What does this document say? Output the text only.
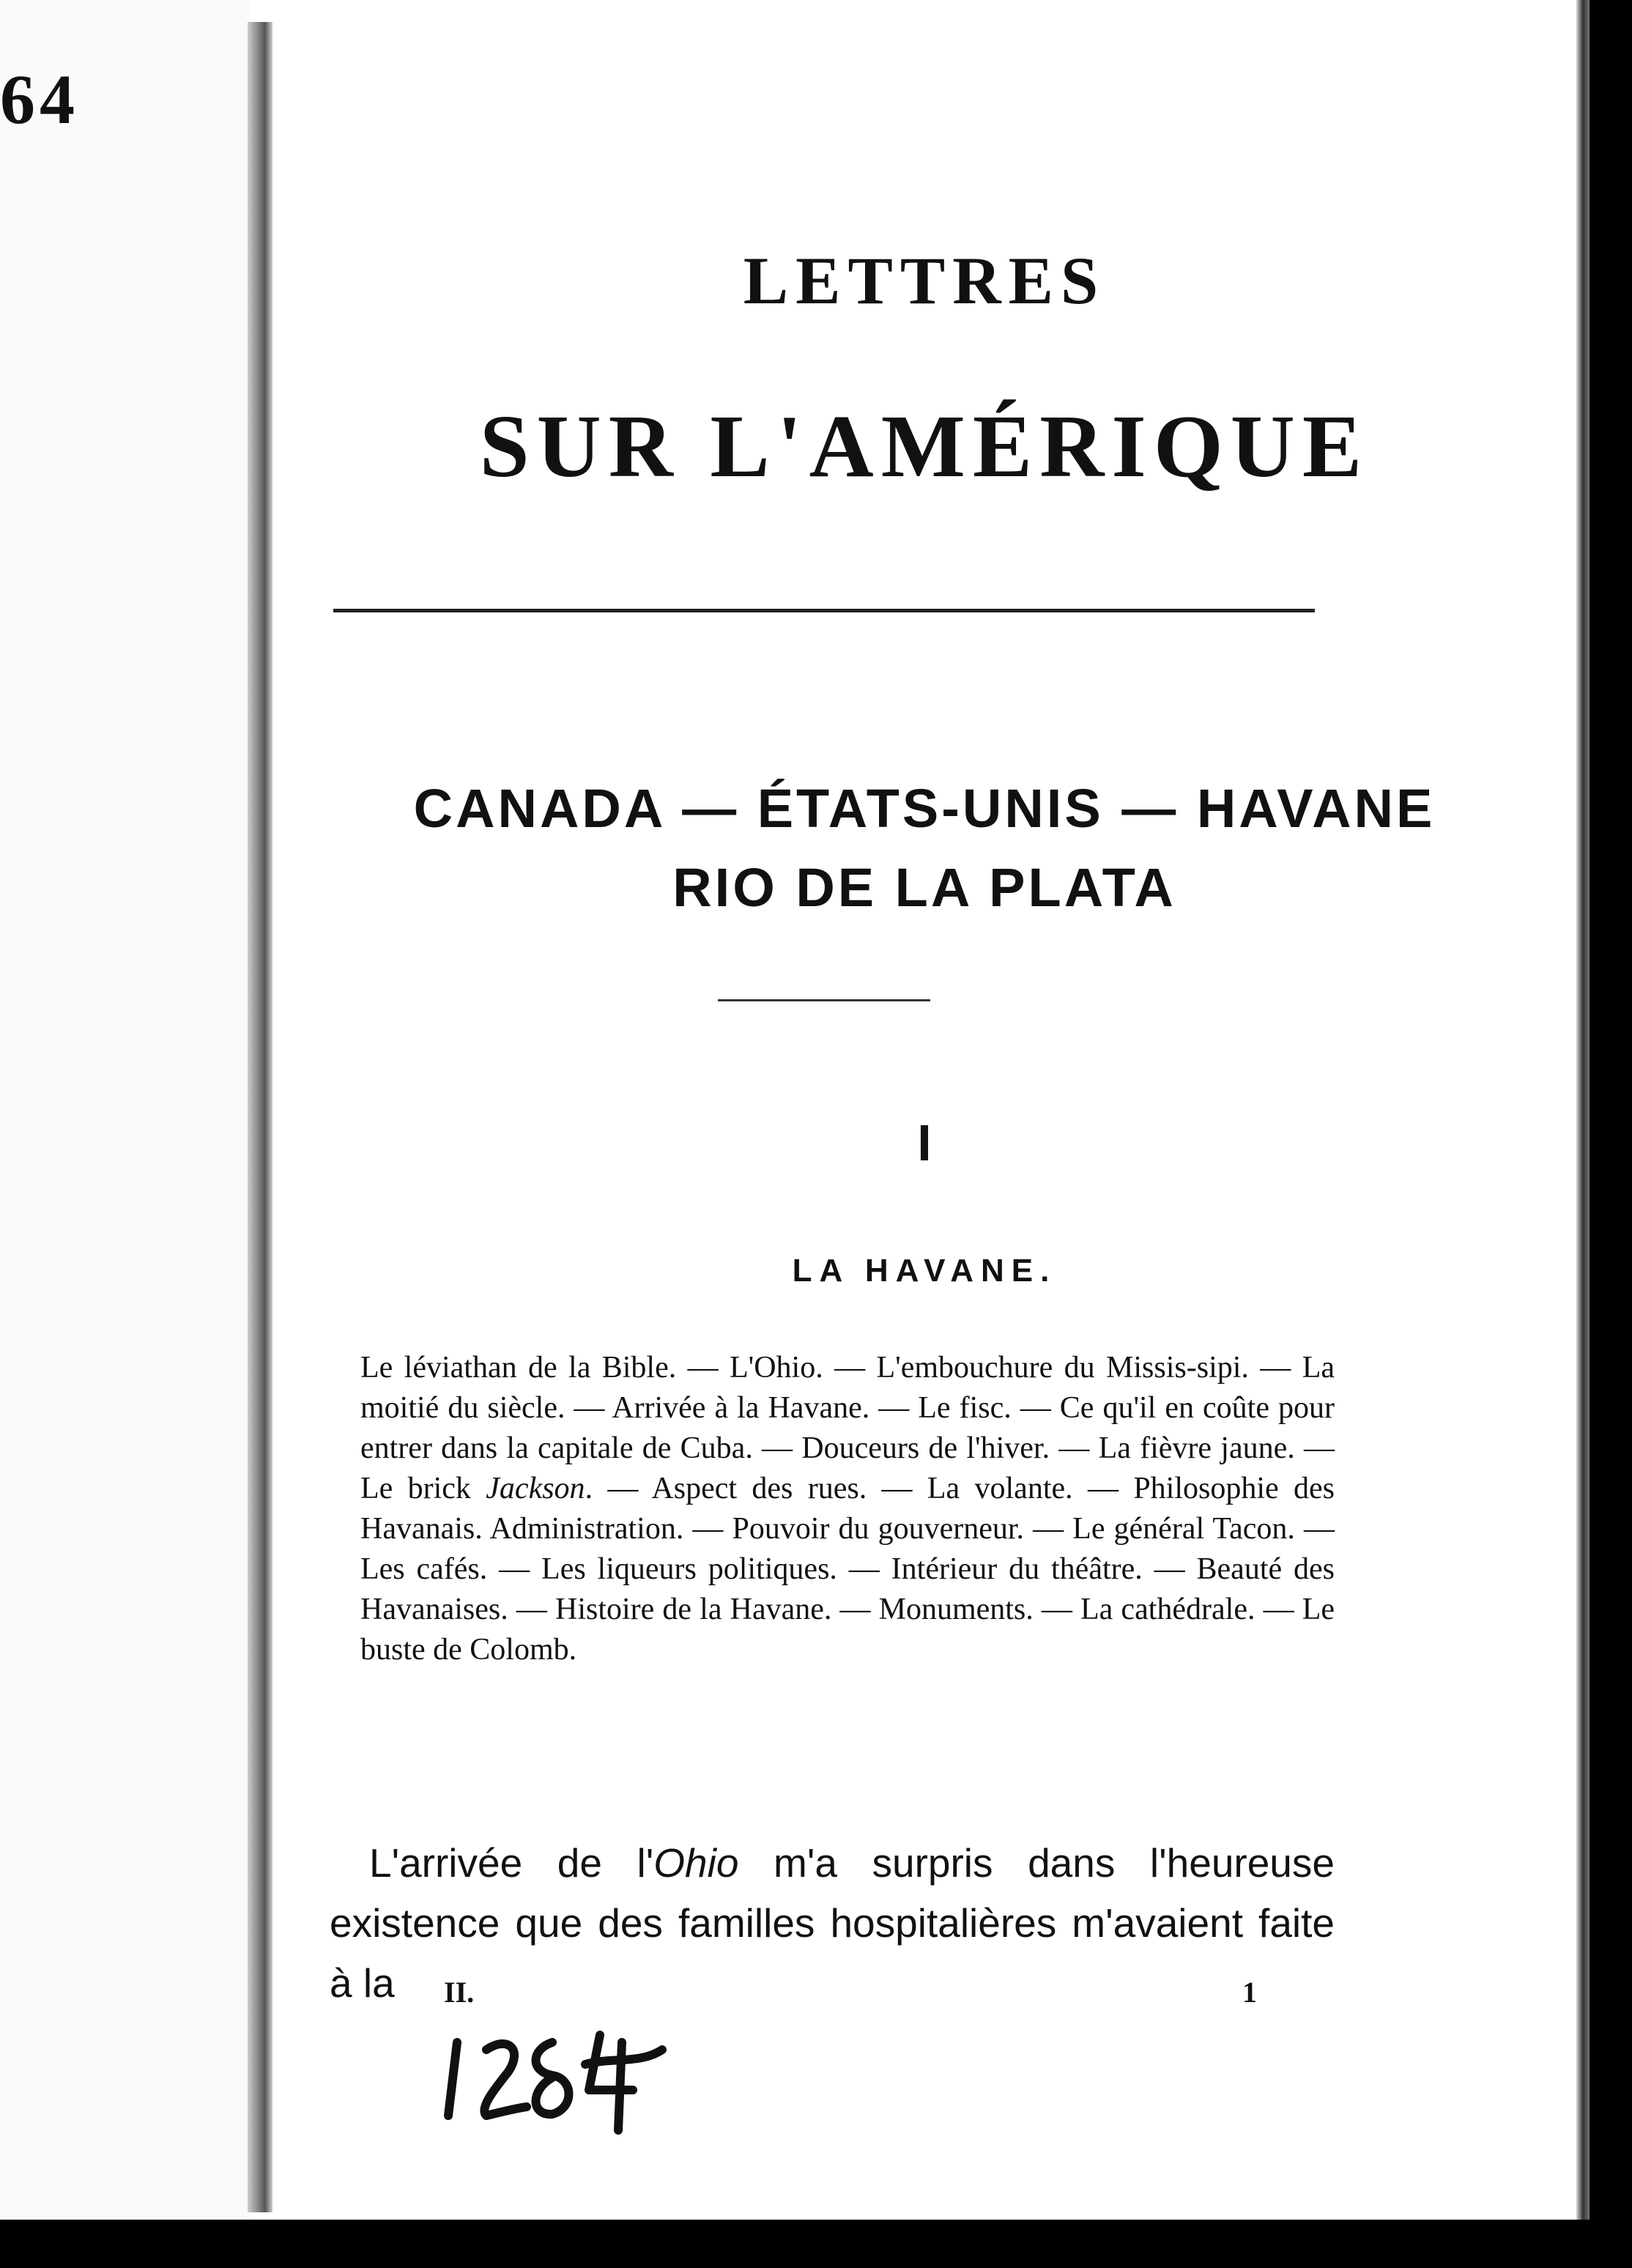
64
LETTRES
SUR L'AMÉRIQUE
CANADA — ÉTATS-UNIS — HAVANE
RIO DE LA PLATA
I
LA HAVANE.
Le léviathan de la Bible. — L'Ohio. — L'embouchure du Missis-sipi. — La moitié du siècle. — Arrivée à la Havane. — Le fisc. — Ce qu'il en coûte pour entrer dans la capitale de Cuba. — Douceurs de l'hiver. — La fièvre jaune. — Le brick Jackson. — Aspect des rues. — La volante. — Philosophie des Havanais. Administration. — Pouvoir du gouverneur. — Le général Tacon. — Les cafés. — Les liqueurs politiques. — Intérieur du théâtre. — Beauté des Havanaises. — Histoire de la Havane. — Monuments. — La cathédrale. — Le buste de Colomb.
L'arrivée de l'Ohio m'a surpris dans l'heureuse existence que des familles hospitalières m'avaient faite à la	II.	1
